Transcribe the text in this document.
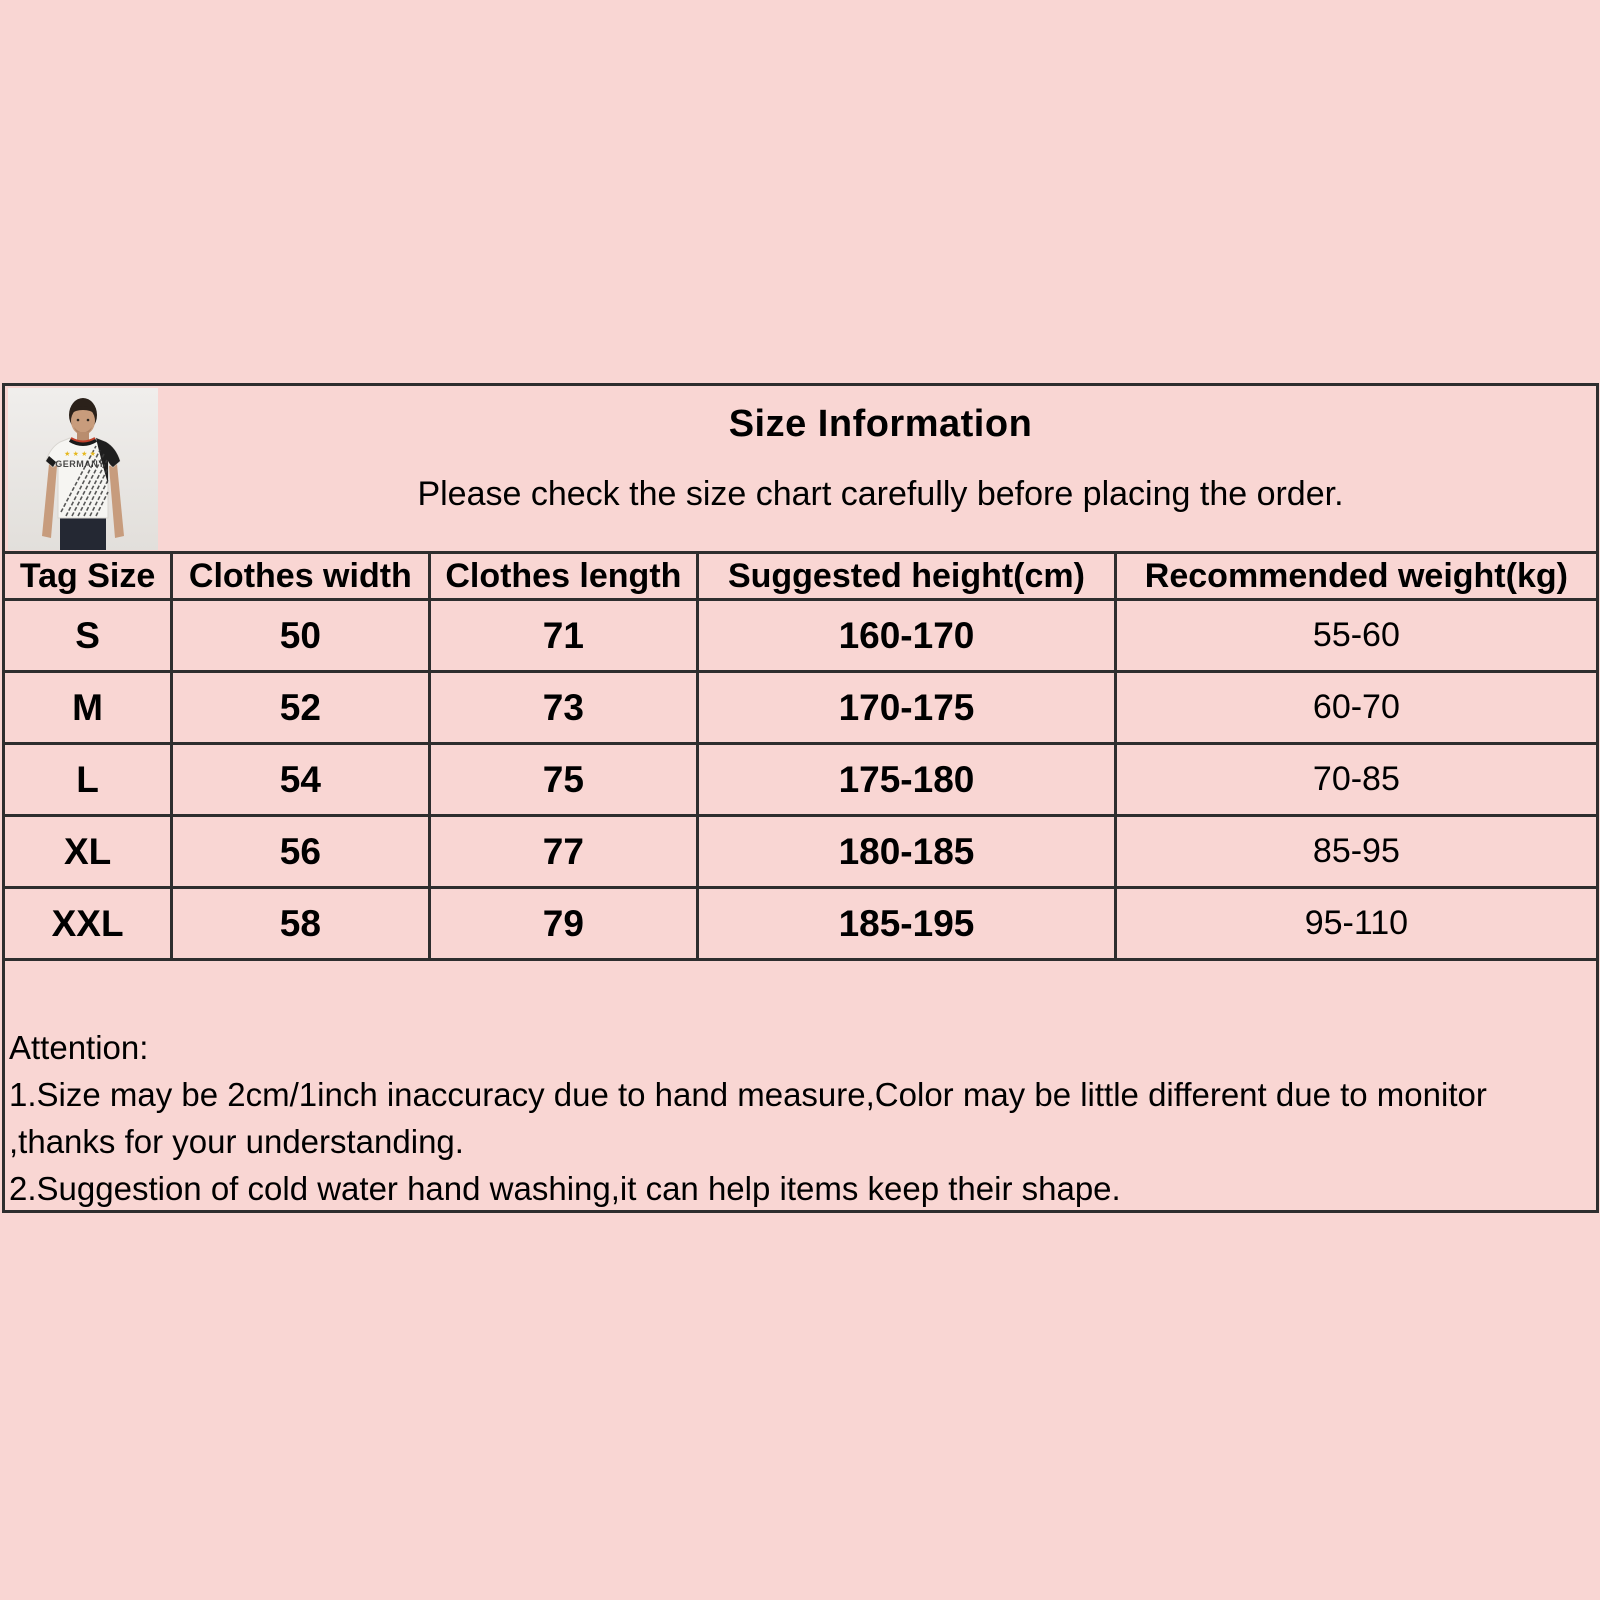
★ ★ ★ ★
GERMANY
Size Information
Please check the size chart carefully before placing the order.
Tag Size	Clothes width	Clothes length	Suggested height(cm)	Recommended weight(kg)
S	50	71	160-170	55-60
M	52	73	170-175	60-70
L	54	75	175-180	70-85
XL	56	77	180-185	85-95
XXL	58	79	185-195	95-110
Attention:
1.Size may be 2cm/1inch inaccuracy due to hand measure,Color may be little different due to monitor ,thanks for your understanding.
2.Suggestion of cold water hand washing,it can help items keep their shape.
